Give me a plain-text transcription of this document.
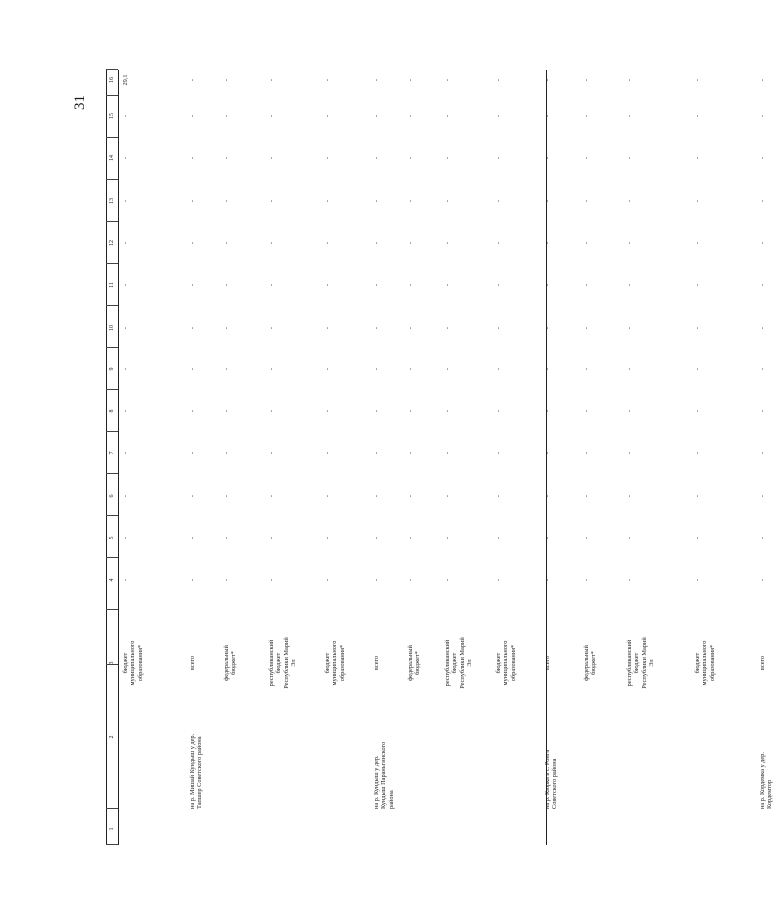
31
1
2
3
4
5
6
7
8
9
10
11
12
13
14
15
16
бюджет муниципального образования*
-
-
-
-
-
-
-
-
-
-
-
-
29,1
на р. Мишай Кундыш у дер. Тапшер Советского района
всего
-
-
-
-
-
-
-
-
-
-
-
-
-
федеральный бюджет*
-
-
-
-
-
-
-
-
-
-
-
-
-
республиканский бюджет Республики Марий Эл
-
-
-
-
-
-
-
-
-
-
-
-
-
бюджет муниципального образования*
-
-
-
-
-
-
-
-
-
-
-
-
-
на р. Кундыш у дер. Кундыш Параньгинского района
всего
-
-
-
-
-
-
-
-
-
-
-
-
-
федеральный бюджет*
-
-
-
-
-
-
-
-
-
-
-
-
-
республиканский бюджет Республики Марий Эл
-
-
-
-
-
-
-
-
-
-
-
-
-
бюджет муниципального образования*
-
-
-
-
-
-
-
-
-
-
-
-
-
на р. Кюрка в с. Ронга Советского района
всего
-
-
-
-
-
-
-
-
-
-
-
-
-
федеральный бюджет*
-
-
-
-
-
-
-
-
-
-
-
-
-
республиканский бюджет Республики Марий Эл
-
-
-
-
-
-
-
-
-
-
-
-
-
бюджет муниципального образования*
-
-
-
-
-
-
-
-
-
-
-
-
-
на р. Кордемка у дер. Кордемтор
всего
-
-
-
-
-
-
-
-
-
-
-
-
-
